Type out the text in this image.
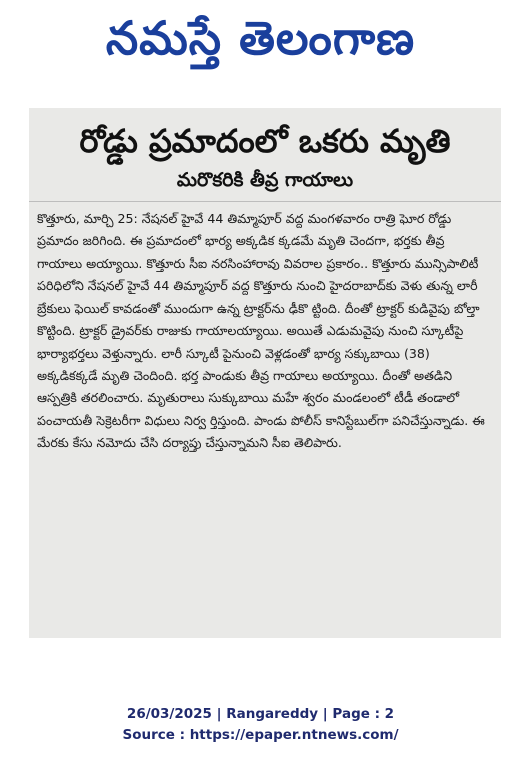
నమస్తే తెలంగాణ
రోడ్డు ప్రమాదంలో ఒకరు మృతి
మరొకరికి తీవ్ర గాయాలు

కొత్తూరు, మార్చి 25: నేషనల్ హైవే 44 తిమ్మాపూర్ వద్ద మంగళవారం రాత్రి ఘోర రోడ్డు ప్రమాదం జరిగింది. ఈ ప్రమాదంలో భార్య అక్కడిక క్కడమే మృతి చెందగా, భర్తకు తీవ్ర గాయాలు అయ్యాయి. కొత్తూరు సీఐ నరసింహారావు వివరాల ప్రకారం.. కొత్తూరు మున్సిపాలిటీ పరిధిలోని నేషనల్ హైవే 44 తిమ్మాపూర్ వద్ద కొత్తూరు నుంచి హైదరాబాద్‌కు వెళు తున్న లారీ బ్రేకులు ఫెయిల్ కావడంతో ముందుగా ఉన్న ట్రాక్టర్‌ను ఢీకొ ట్టింది. దీంతో ట్రాక్టర్ కుడివైపు బోల్తా కొట్టింది. ట్రాక్టర్ డ్రైవర్‌కు రాజుకు గాయాలయ్యాయి. అయితే ఎడుమవైపు నుంచి స్కూటీపై భార్యాభర్తలు వెళ్తున్నారు. లారీ స్కూటీ పైనుంచి వెళ్లడంతో భార్య సక్కుబాయి (38) అక్కడికక్కడే మృతి చెందింది. భర్త పాండుకు తీవ్ర గాయాలు అయ్యాయి. దీంతో అతడిని ఆస్పత్రికి తరలించారు. మృతురాలు సుక్కుబాయి మహే శ్వరం మండలంలో టీడీ తండాలో పంచాయతీ సెక్రెటరీగా విధులు నిర్వ ర్తిస్తుంది. పాండు పోలీస్ కానిస్టేబుల్‌గా పనిచేస్తున్నాడు. ఈ మేరకు కేసు నమోదు చేసి దర్యాప్తు చేస్తున్నామని సీఐ తెలిపారు.

26/03/2025 | Rangareddy | Page : 2
Source : https://epaper.ntnews.com/
